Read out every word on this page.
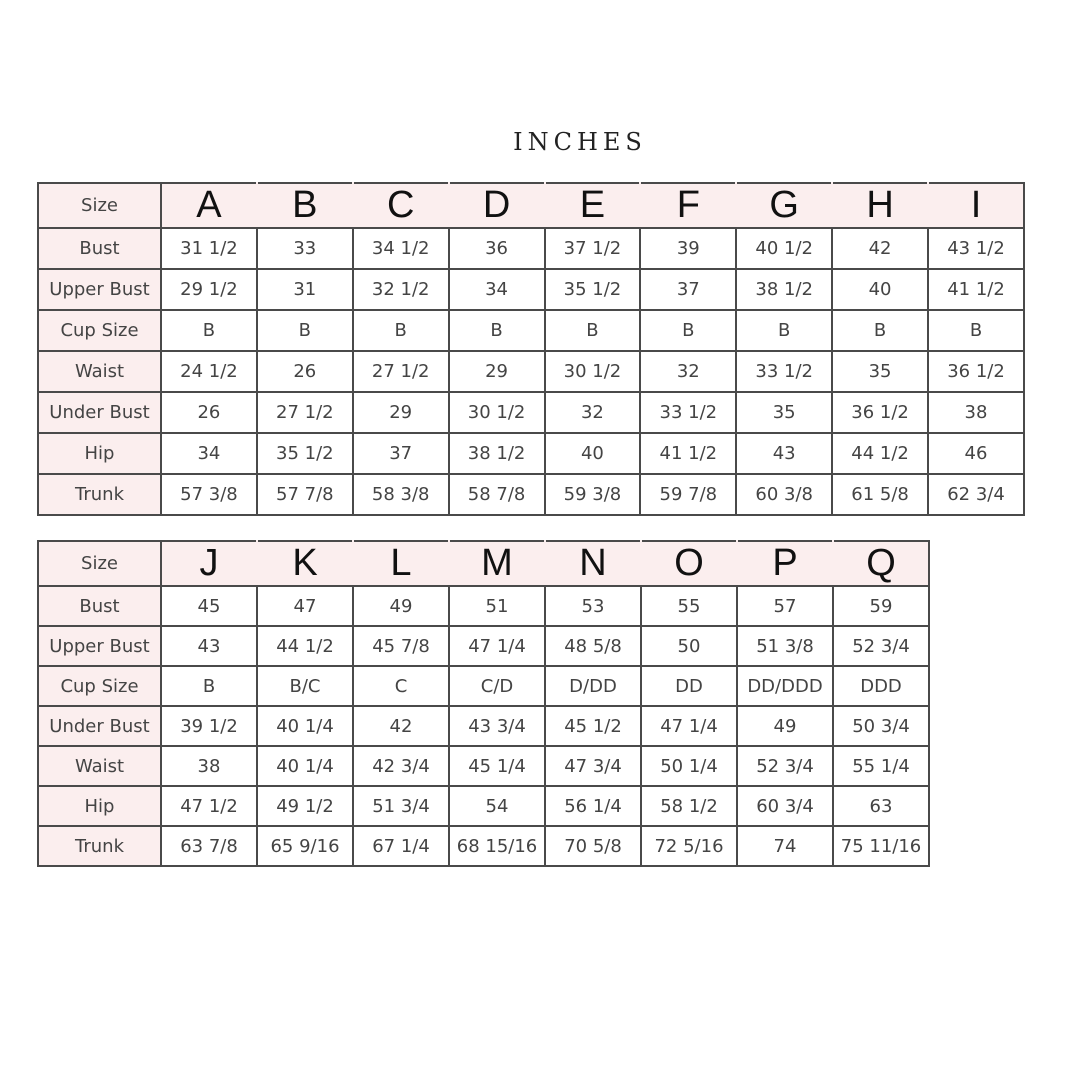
INCHES
Size	A	B	C	D	E	F	G	H	I
Bust	31 1/2	33	34 1/2	36	37 1/2	39	40 1/2	42	43 1/2
Upper Bust	29 1/2	31	32 1/2	34	35 1/2	37	38 1/2	40	41 1/2
Cup Size	B	B	B	B	B	B	B	B	B
Waist	24 1/2	26	27 1/2	29	30 1/2	32	33 1/2	35	36 1/2
Under Bust	26	27 1/2	29	30 1/2	32	33 1/2	35	36 1/2	38
Hip	34	35 1/2	37	38 1/2	40	41 1/2	43	44 1/2	46
Trunk	57 3/8	57 7/8	58 3/8	58 7/8	59 3/8	59 7/8	60 3/8	61 5/8	62 3/4
Size	J	K	L	M	N	O	P	Q
Bust	45	47	49	51	53	55	57	59
Upper Bust	43	44 1/2	45 7/8	47 1/4	48 5/8	50	51 3/8	52 3/4
Cup Size	B	B/C	C	C/D	D/DD	DD	DD/DDD	DDD
Under Bust	39 1/2	40 1/4	42	43 3/4	45 1/2	47 1/4	49	50 3/4
Waist	38	40 1/4	42 3/4	45 1/4	47 3/4	50 1/4	52 3/4	55 1/4
Hip	47 1/2	49 1/2	51 3/4	54	56 1/4	58 1/2	60 3/4	63
Trunk	63 7/8	65 9/16	67 1/4	68 15/16	70 5/8	72 5/16	74	75 11/16
